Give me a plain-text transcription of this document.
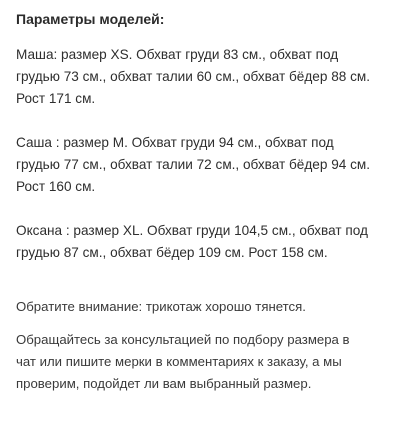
Параметры моделей:
Маша: размер XS. Обхват груди 83 см., обхват под
грудью 73 см., обхват талии 60 см., обхват бёдер 88 см.
Рост 171 см.
Саша : размер M. Обхват груди 94 см., обхват под
грудью 77 см., обхват талии 72 см., обхват бёдер 94 см.
Рост 160 см.
Оксана : размер XL. Обхват груди 104,5 см., обхват под
грудью 87 см., обхват бёдер 109 см. Рост 158 см.
Обратите внимание: трикотаж хорошо тянется.
Обращайтесь за консультацией по подбору размера в
чат или пишите мерки в комментариях к заказу, а мы
проверим, подойдет ли вам выбранный размер.
